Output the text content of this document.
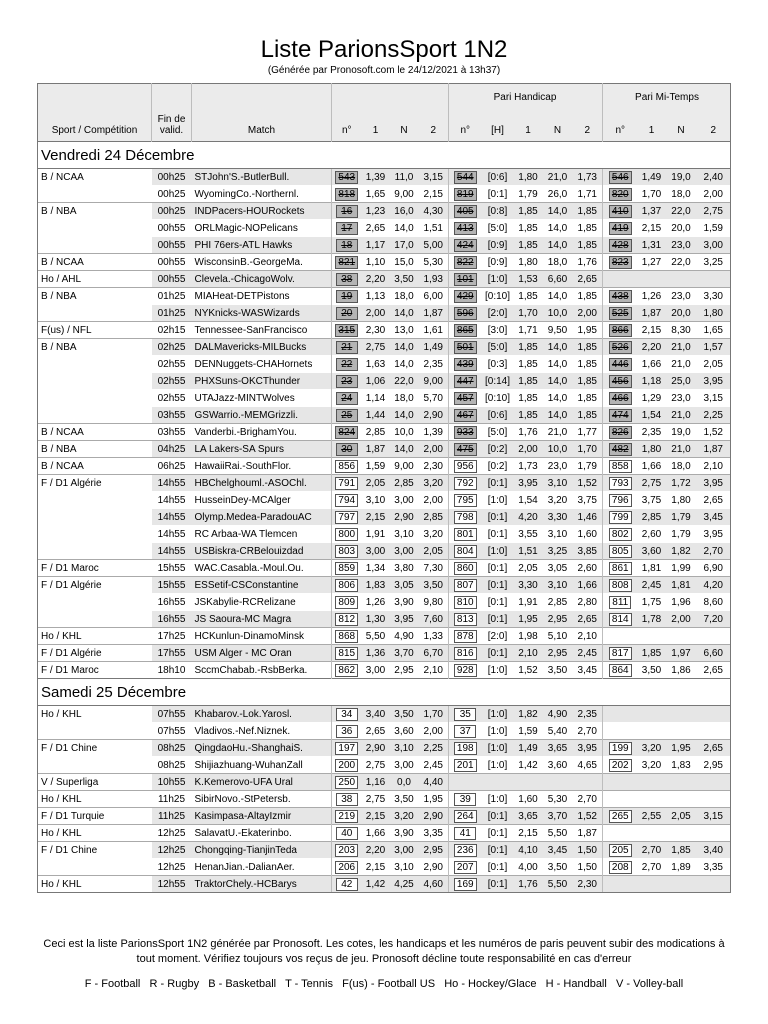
Liste ParionsSport 1N2
(Générée par Pronosoft.com le 24/12/2021 à 13h37)
Sport / Compétition	Fin de valid.	Match	n°	1	N	2	Pari Handicap
n°	[H]	1	N	2	Pari Mi-Temps
n°	1	N	2
Vendredi 24 Décembre															
B / NCAA	00h25	STJohn'S.-ButlerBull.	543	1,39	11,0	3,15	544	[0:6]	1,80	21,0	1,73	546	1,49	19,0	2,40
	00h25	WyomingCo.-Northernl.	818	1,65	9,00	2,15	819	[0:1]	1,79	26,0	1,71	820	1,70	18,0	2,00
B / NBA	00h25	INDPacers-HOURockets	16	1,23	16,0	4,30	405	[0:8]	1,85	14,0	1,85	410	1,37	22,0	2,75
	00h55	ORLMagic-NOPelicans	17	2,65	14,0	1,51	413	[5:0]	1,85	14,0	1,85	419	2,15	20,0	1,59
	00h55	PHI 76ers-ATL Hawks	18	1,17	17,0	5,00	424	[0:9]	1,85	14,0	1,85	428	1,31	23,0	3,00
B / NCAA	00h55	WisconsinB.-GeorgeMa.	821	1,10	15,0	5,30	822	[0:9]	1,80	18,0	1,76	823	1,27	22,0	3,25
Ho / AHL	00h55	Clevela.-ChicagoWolv.	38	2,20	3,50	1,93	101	[1:0]	1,53	6,60	2,65				
B / NBA	01h25	MIAHeat-DETPistons	19	1,13	18,0	6,00	429	[0:10]	1,85	14,0	1,85	438	1,26	23,0	3,30
	01h25	NYKnicks-WASWizards	20	2,00	14,0	1,87	596	[2:0]	1,70	10,0	2,00	525	1,87	20,0	1,80
F(us) / NFL	02h15	Tennessee-SanFrancisco	315	2,30	13,0	1,61	865	[3:0]	1,71	9,50	1,95	866	2,15	8,30	1,65
B / NBA	02h25	DALMavericks-MILBucks	21	2,75	14,0	1,49	501	[5:0]	1,85	14,0	1,85	526	2,20	21,0	1,57
	02h55	DENNuggets-CHAHornets	22	1,63	14,0	2,35	439	[0:3]	1,85	14,0	1,85	446	1,66	21,0	2,05
	02h55	PHXSuns-OKCThunder	23	1,06	22,0	9,00	447	[0:14]	1,85	14,0	1,85	456	1,18	25,0	3,95
	02h55	UTAJazz-MINTWolves	24	1,14	18,0	5,70	457	[0:10]	1,85	14,0	1,85	466	1,29	23,0	3,15
	03h55	GSWarrio.-MEMGrizzli.	25	1,44	14,0	2,90	467	[0:6]	1,85	14,0	1,85	474	1,54	21,0	2,25
B / NCAA	03h55	Vanderbi.-BrighamYou.	824	2,85	10,0	1,39	933	[5:0]	1,76	21,0	1,77	826	2,35	19,0	1,52
B / NBA	04h25	LA Lakers-SA Spurs	30	1,87	14,0	2,00	475	[0:2]	2,00	10,0	1,70	482	1,80	21,0	1,87
B / NCAA	06h25	HawaiiRai.-SouthFlor.	856	1,59	9,00	2,30	956	[0:2]	1,73	23,0	1,79	858	1,66	18,0	2,10
F / D1 Algérie	14h55	HBChelghouml.-ASOChl.	791	2,05	2,85	3,20	792	[0:1]	3,95	3,10	1,52	793	2,75	1,72	3,95
	14h55	HusseinDey-MCAlger	794	3,10	3,00	2,00	795	[1:0]	1,54	3,20	3,75	796	3,75	1,80	2,65
	14h55	Olymp.Medea-ParadouAC	797	2,15	2,90	2,85	798	[0:1]	4,20	3,30	1,46	799	2,85	1,79	3,45
	14h55	RC Arbaa-WA Tlemcen	800	1,91	3,10	3,20	801	[0:1]	3,55	3,10	1,60	802	2,60	1,79	3,95
	14h55	USBiskra-CRBelouizdad	803	3,00	3,00	2,05	804	[1:0]	1,51	3,25	3,85	805	3,60	1,82	2,70
F / D1 Maroc	15h55	WAC.Casabla.-Moul.Ou.	859	1,34	3,80	7,30	860	[0:1]	2,05	3,05	2,60	861	1,81	1,99	6,90
F / D1 Algérie	15h55	ESSetif-CSConstantine	806	1,83	3,05	3,50	807	[0:1]	3,30	3,10	1,66	808	2,45	1,81	4,20
	16h55	JSKabylie-RCRelizane	809	1,26	3,90	9,80	810	[0:1]	1,91	2,85	2,80	811	1,75	1,96	8,60
	16h55	JS Saoura-MC Magra	812	1,30	3,95	7,60	813	[0:1]	1,95	2,95	2,65	814	1,78	2,00	7,20
Ho / KHL	17h25	HCKunlun-DinamoMinsk	868	5,50	4,90	1,33	878	[2:0]	1,98	5,10	2,10				
F / D1 Algérie	17h55	USM Alger - MC Oran	815	1,36	3,70	6,70	816	[0:1]	2,10	2,95	2,45	817	1,85	1,97	6,60
F / D1 Maroc	18h10	SccmChabab.-RsbBerka.	862	3,00	2,95	2,10	928	[1:0]	1,52	3,50	3,45	864	3,50	1,86	2,65
Samedi 25 Décembre															
Ho / KHL	07h55	Khabarov.-Lok.Yarosl.	34	3,40	3,50	1,70	35	[1:0]	1,82	4,90	2,35				
	07h55	Vladivos.-Nef.Niznek.	36	2,65	3,60	2,00	37	[1:0]	1,59	5,40	2,70				
F / D1 Chine	08h25	QingdaoHu.-ShanghaiS.	197	2,90	3,10	2,25	198	[1:0]	1,49	3,65	3,95	199	3,20	1,95	2,65
	08h25	Shijiazhuang-WuhanZall	200	2,75	3,00	2,45	201	[1:0]	1,42	3,60	4,65	202	3,20	1,83	2,95
V / Superliga	10h55	K.Kemerovo-UFA Ural	250	1,16	0,0	4,40									
Ho / KHL	11h25	SibirNovo.-StPetersb.	38	2,75	3,50	1,95	39	[1:0]	1,60	5,30	2,70				
F / D1 Turquie	11h25	Kasimpasa-AltayIzmir	219	2,15	3,20	2,90	264	[0:1]	3,65	3,70	1,52	265	2,55	2,05	3,15
Ho / KHL	12h25	SalavatU.-Ekaterinbo.	40	1,66	3,90	3,35	41	[0:1]	2,15	5,50	1,87				
F / D1 Chine	12h25	Chongqing-TianjinTeda	203	2,20	3,00	2,95	236	[0:1]	4,10	3,45	1,50	205	2,70	1,85	3,40
	12h25	HenanJian.-DalianAer.	206	2,15	3,10	2,90	207	[0:1]	4,00	3,50	1,50	208	2,70	1,89	3,35
Ho / KHL	12h55	TraktorChely.-HCBarys	42	1,42	4,25	4,60	169	[0:1]	1,76	5,50	2,30				
Ceci est la liste ParionsSport 1N2 générée par Pronosoft. Les cotes, les handicaps et les numéros de paris peuvent subir des modications à tout moment. Vérifiez toujours vos reçus de jeu. Pronosoft décline toute responsabilité en cas d'erreur
F - Football   R - Rugby   B - Basketball   T - Tennis   F(us) - Football US   Ho - Hockey/Glace   H - Handball   V - Volley-ball
